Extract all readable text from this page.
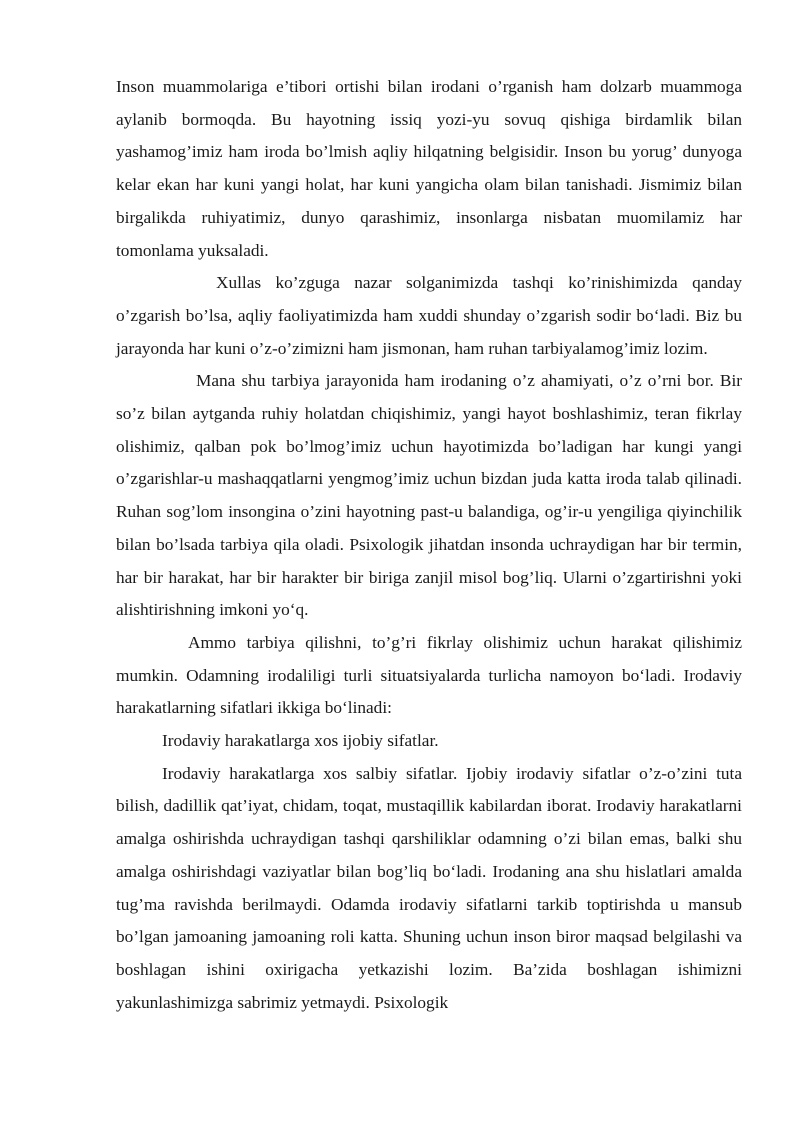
Inson muammolariga e’tibori ortishi bilan irodani o’rganish ham dolzarb muammoga aylanib bormoqda. Bu hayotning issiq yozi-yu sovuq qishiga birdamlik bilan yashamog’imiz ham iroda bo’lmish aqliy hilqatning belgisidir. Inson bu yorug’ dunyoga kelar ekan har kuni yangi holat, har kuni yangicha olam bilan tanishadi. Jismimiz bilan birgalikda ruhiyatimiz, dunyo qarashimiz, insonlarga nisbatan muomilamiz har tomonlama yuksaladi.

Xullas ko’zguga nazar solganimizda tashqi ko’rinishimizda qanday o’zgarish bo’lsa, aqliy faoliyatimizda ham xuddi shunday o’zgarish sodir bo‘ladi. Biz bu jarayonda har kuni o’z-o’zimizni ham jismonan, ham ruhan tarbiyalamog’imiz lozim.

Mana shu tarbiya jarayonida ham irodaning o’z ahamiyati, o’z o’rni bor. Bir so’z bilan aytganda ruhiy holatdan chiqishimiz, yangi hayot boshlashimiz, teran fikrlay olishimiz, qalban pok bo’lmog’imiz uchun hayotimizda bo’ladigan har kungi yangi o’zgarishlar-u mashaqqatlarni yengmog’imiz uchun bizdan juda katta iroda talab qilinadi. Ruhan sog’lom insongina o’zini hayotning past-u balandiga, og’ir-u yengiliga qiyinchilik bilan bo’lsada tarbiya qila oladi. Psixologik jihatdan insonda uchraydigan har bir termin, har bir harakat, har bir harakter bir biriga zanjil misol bog’liq. Ularni o’zgartirishni yoki alishtirishning imkoni yo‘q.

Ammo tarbiya qilishni, to’g’ri fikrlay olishimiz uchun harakat qilishimiz mumkin. Odamning irodaliligi turli situatsiyalarda turlicha namoyon bo‘ladi. Irodaviy harakatlarning sifatlari ikkiga bo‘linadi:

Irodaviy harakatlarga xos ijobiy sifatlar.

Irodaviy harakatlarga xos salbiy sifatlar. Ijobiy irodaviy sifatlar o’z-o’zini tuta bilish, dadillik qat’iyat, chidam, toqat, mustaqillik kabilardan iborat. Irodaviy harakatlarni amalga oshirishda uchraydigan tashqi qarshiliklar odamning o’zi bilan emas, balki shu amalga oshirishdagi vaziyatlar bilan bog’liq bo‘ladi. Irodaning ana shu hislatlari amalda tug’ma ravishda berilmaydi. Odamda irodaviy sifatlarni tarkib toptirishda u mansub bo’lgan jamoaning jamoaning roli katta. Shuning uchun inson biror maqsad belgilashi va boshlagan ishini oxirigacha yetkazishi lozim. Ba’zida boshlagan ishimizni yakunlashimizga sabrimiz yetmaydi. Psixologik
